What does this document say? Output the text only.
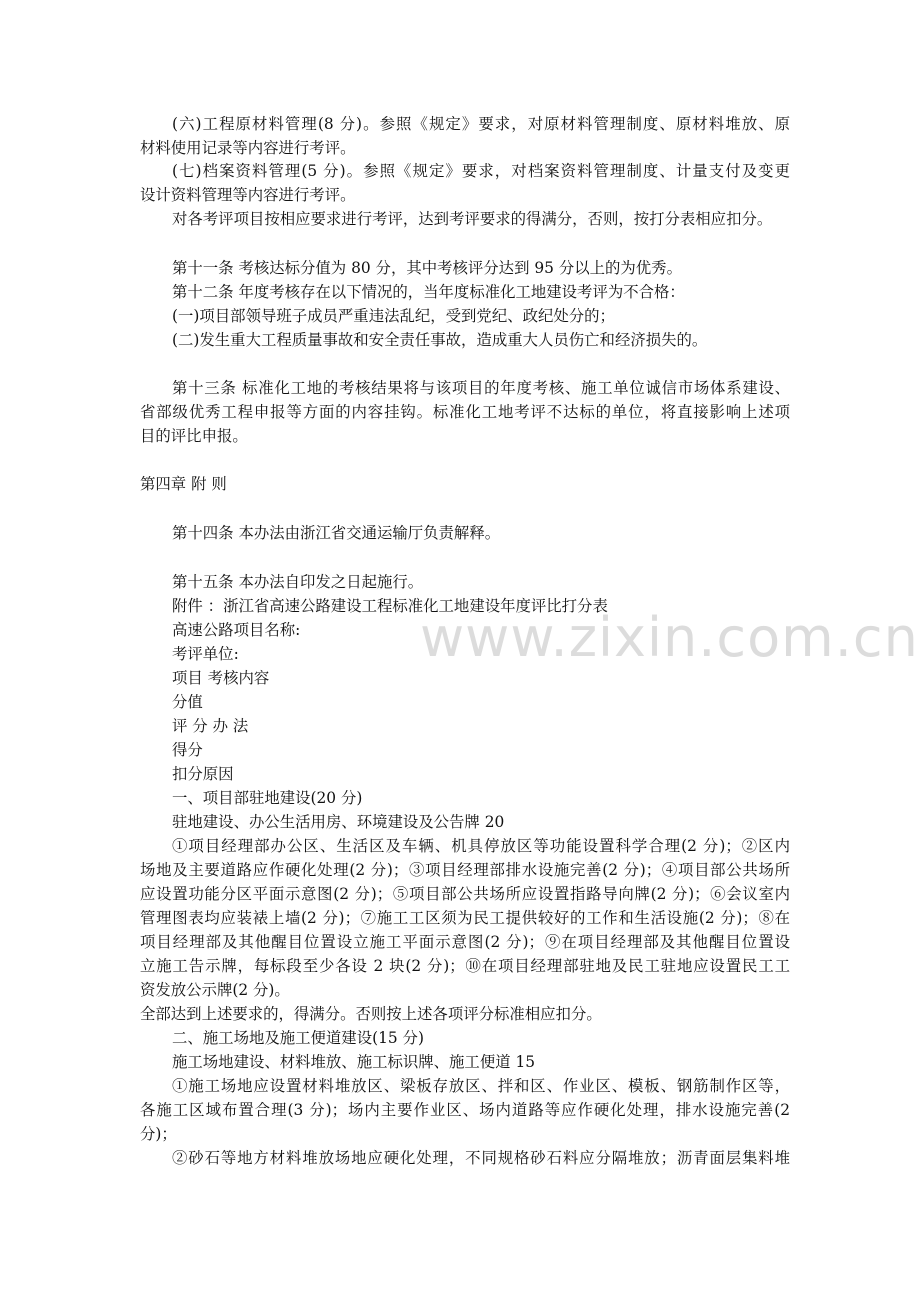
www.zixin.com.cn
(六)工程原材料管理(8 分)。参照《规定》要求，对原材料管理制度、原材料堆放、原
材料使用记录等内容进行考评。
(七)档案资料管理(5 分)。参照《规定》要求，对档案资料管理制度、计量支付及变更
设计资料管理等内容进行考评。
对各考评项目按相应要求进行考评，达到考评要求的得满分，否则，按打分表相应扣分。
第十一条 考核达标分值为 80 分，其中考核评分达到 95 分以上的为优秀。
第十二条 年度考核存在以下情况的，当年度标准化工地建设考评为不合格：
(一)项目部领导班子成员严重违法乱纪，受到党纪、政纪处分的；
(二)发生重大工程质量事故和安全责任事故，造成重大人员伤亡和经济损失的。
第十三条 标准化工地的考核结果将与该项目的年度考核、施工单位诚信市场体系建设、
省部级优秀工程申报等方面的内容挂钩。标准化工地考评不达标的单位，将直接影响上述项
目的评比申报。
第四章 附 则
第十四条 本办法由浙江省交通运输厅负责解释。
第十五条 本办法自印发之日起施行。
附件 ：浙江省高速公路建设工程标准化工地建设年度评比打分表
高速公路项目名称:
考评单位:
项目 考核内容
分值
评 分 办 法
得分
扣分原因
一、项目部驻地建设(20 分)
驻地建设、办公生活用房、环境建设及公告牌 20
①项目经理部办公区、生活区及车辆、机具停放区等功能设置科学合理(2 分)；②区内
场地及主要道路应作硬化处理(2 分)；③项目经理部排水设施完善(2 分)；④项目部公共场所
应设置功能分区平面示意图(2 分)；⑤项目部公共场所应设置指路导向牌(2 分)；⑥会议室内
管理图表均应装裱上墙(2 分)；⑦施工工区须为民工提供较好的工作和生活设施(2 分)；⑧在
项目经理部及其他醒目位置设立施工平面示意图(2 分)；⑨在项目经理部及其他醒目位置设
立施工告示牌，每标段至少各设 2 块(2 分)；⑩在项目经理部驻地及民工驻地应设置民工工
资发放公示牌(2 分)。
全部达到上述要求的，得满分。否则按上述各项评分标准相应扣分。
二、施工场地及施工便道建设(15 分)
施工场地建设、材料堆放、施工标识牌、施工便道 15
①施工场地应设置材料堆放区、梁板存放区、拌和区、作业区、模板、钢筋制作区等，
各施工区域布置合理(3 分)；场内主要作业区、场内道路等应作硬化处理，排水设施完善(2
分)；
②砂石等地方材料堆放场地应硬化处理，不同规格砂石料应分隔堆放；沥青面层集料堆
